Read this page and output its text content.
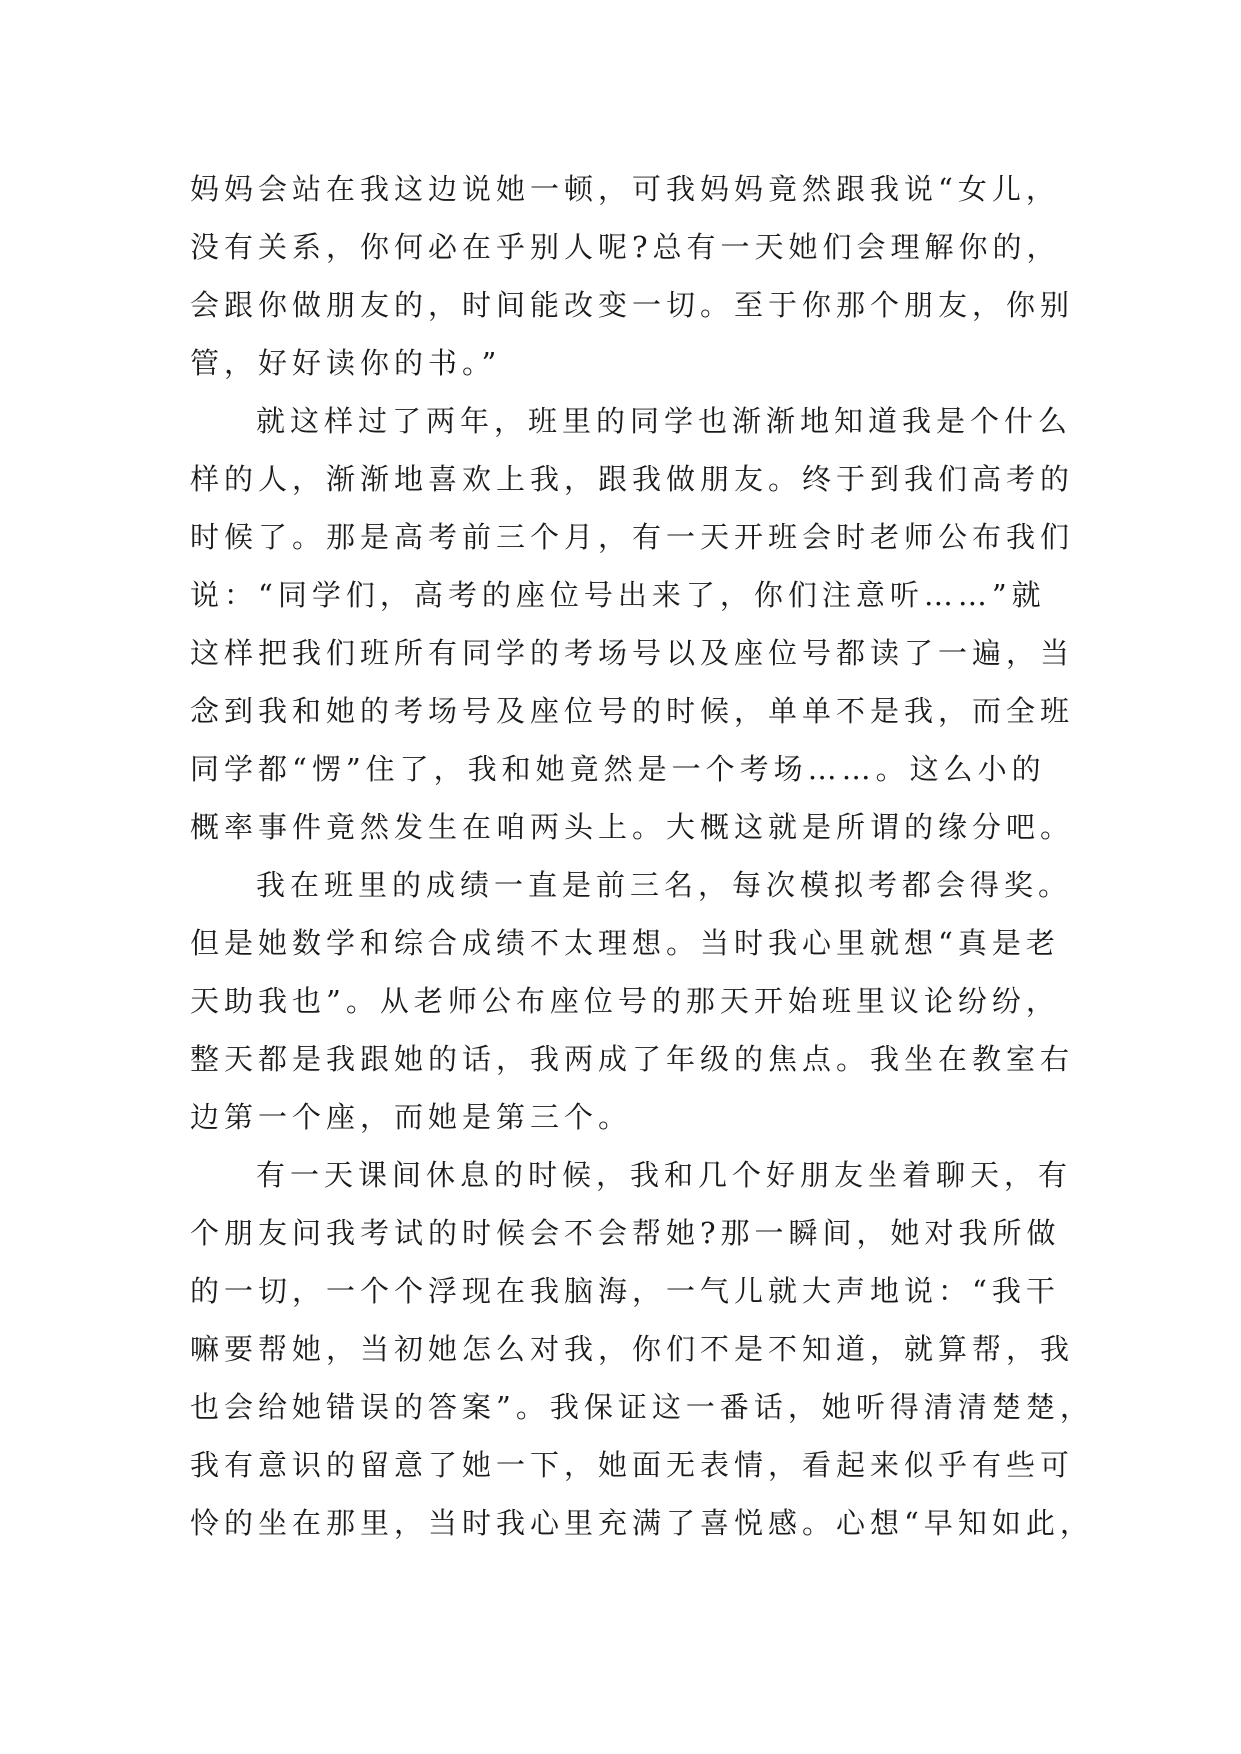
妈妈会站在我这边说她一顿，可我妈妈竟然跟我说“女儿，
没有关系，你何必在乎别人呢?总有一天她们会理解你的，
会跟你做朋友的，时间能改变一切。至于你那个朋友，你别
管，好好读你的书。”
就这样过了两年，班里的同学也渐渐地知道我是个什么
样的人，渐渐地喜欢上我，跟我做朋友。终于到我们高考的
时候了。那是高考前三个月，有一天开班会时老师公布我们
说：“同学们，高考的座位号出来了，你们注意听……”就
这样把我们班所有同学的考场号以及座位号都读了一遍，当
念到我和她的考场号及座位号的时候，单单不是我，而全班
同学都“愣”住了，我和她竟然是一个考场……。这么小的
概率事件竟然发生在咱两头上。大概这就是所谓的缘分吧。
我在班里的成绩一直是前三名，每次模拟考都会得奖。
但是她数学和综合成绩不太理想。当时我心里就想“真是老
天助我也”。从老师公布座位号的那天开始班里议论纷纷，
整天都是我跟她的话，我两成了年级的焦点。我坐在教室右
边第一个座，而她是第三个。
有一天课间休息的时候，我和几个好朋友坐着聊天，有
个朋友问我考试的时候会不会帮她?那一瞬间，她对我所做
的一切，一个个浮现在我脑海，一气儿就大声地说：“我干
嘛要帮她，当初她怎么对我，你们不是不知道，就算帮，我
也会给她错误的答案”。我保证这一番话，她听得清清楚楚，
我有意识的留意了她一下，她面无表情，看起来似乎有些可
怜的坐在那里，当时我心里充满了喜悦感。心想“早知如此，
